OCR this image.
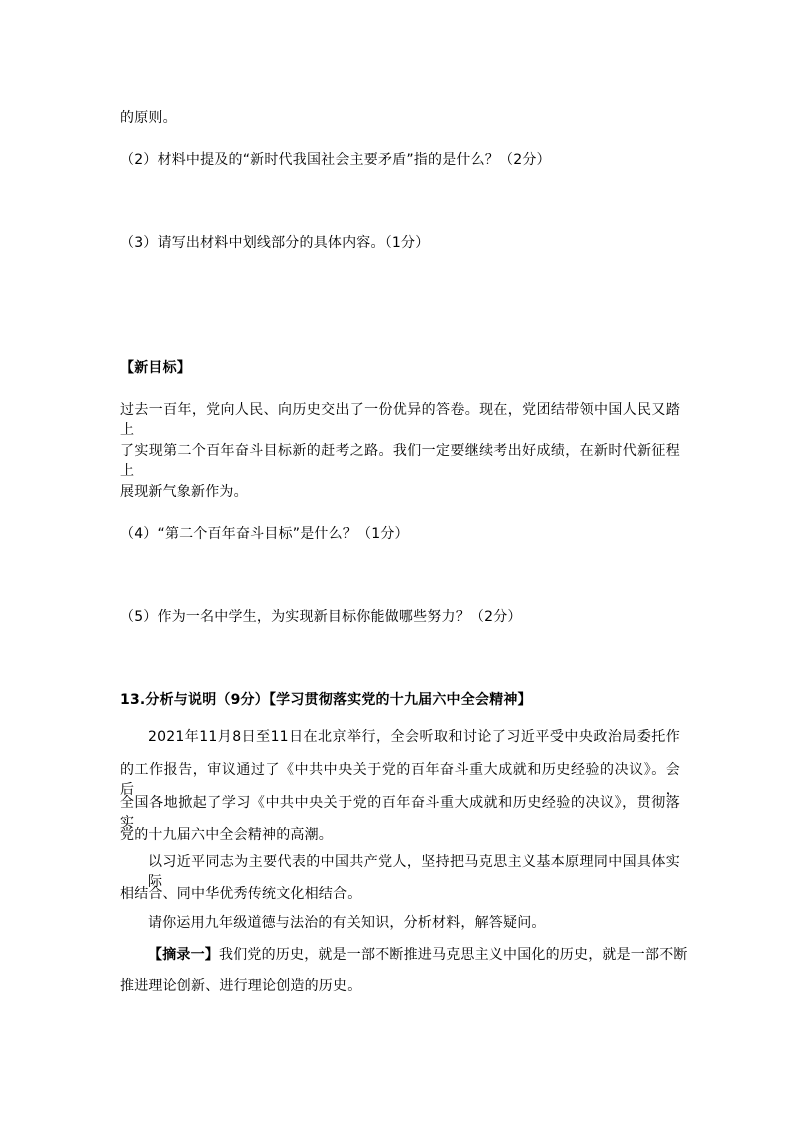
的原则。
（2）材料中提及的“新时代我国社会主要矛盾”指的是什么？（2分）
（3）请写出材料中划线部分的具体内容。（1分）
【新目标】
过去一百年，党向人民、向历史交出了一份优异的答卷。现在，党团结带领中国人民又踏上
了实现第二个百年奋斗目标新的赶考之路。我们一定要继续考出好成绩，在新时代新征程上
展现新气象新作为。
（4）“第二个百年奋斗目标”是什么？（1分）
（5）作为一名中学生，为实现新目标你能做哪些努力？（2分）
13.分析与说明（9分）【学习贯彻落实党的十九届六中全会精神】
2021年11月8日至11日在北京举行，全会听取和讨论了习近平受中央政治局委托作
的工作报告，审议通过了《中共中央关于党的百年奋斗重大成就和历史经验的决议》。会后，
全国各地掀起了学习《中共中央关于党的百年奋斗重大成就和历史经验的决议》，贯彻落实
党的十九届六中全会精神的高潮。
以习近平同志为主要代表的中国共产党人，坚持把马克思主义基本原理同中国具体实际
相结合、同中华优秀传统文化相结合。
请你运用九年级道德与法治的有关知识，分析材料，解答疑问。
【摘录一】我们党的历史，就是一部不断推进马克思主义中国化的历史，就是一部不断
推进理论创新、进行理论创造的历史。
